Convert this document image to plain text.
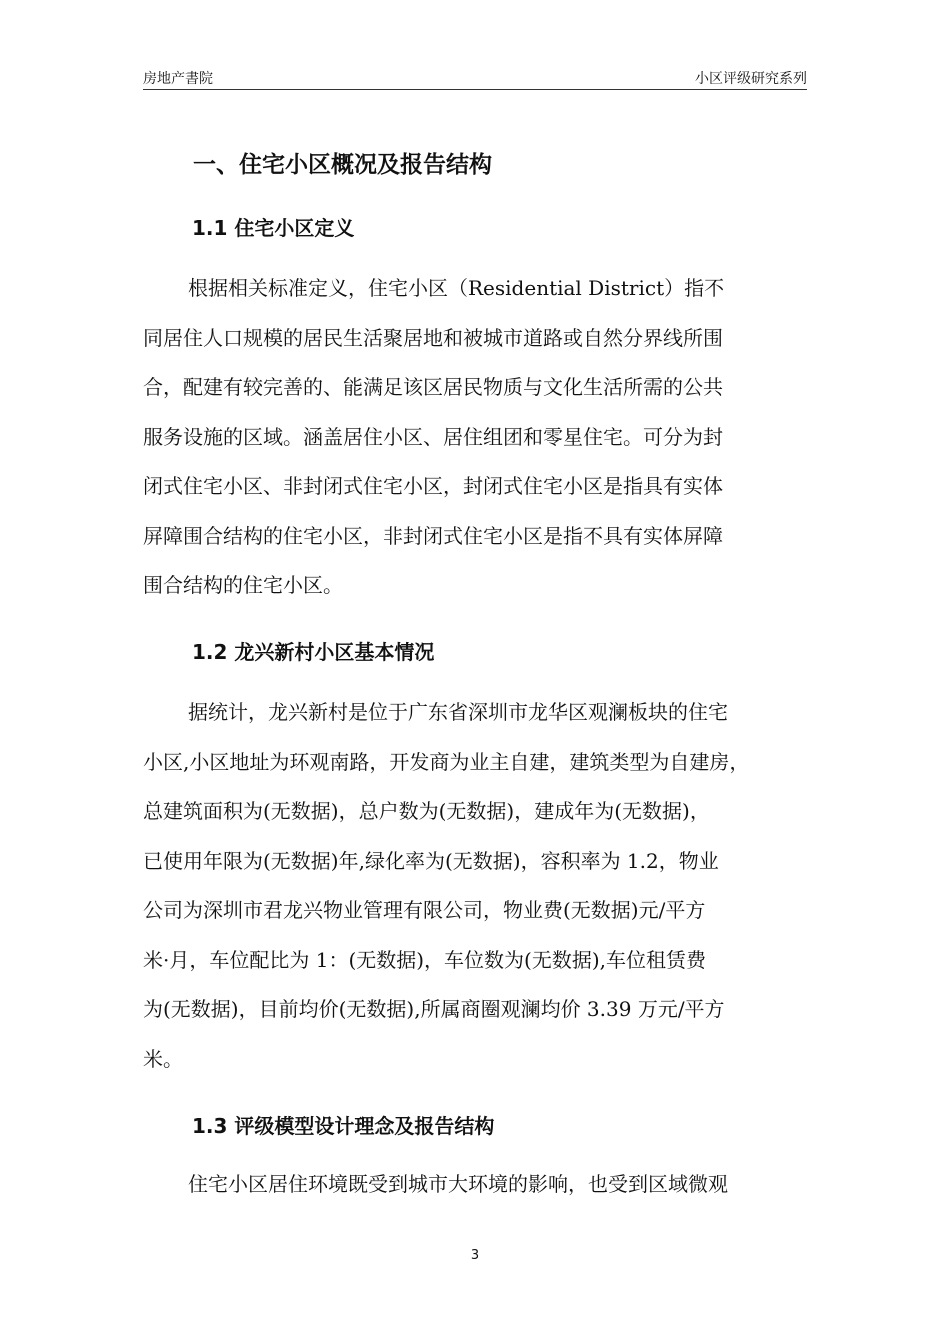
房地产書院	小区评级研究系列
一、住宅小区概况及报告结构
1.1 住宅小区定义
根据相关标准定义，住宅小区（Residential District）指不
同居住人口规模的居民生活聚居地和被城市道路或自然分界线所围
合，配建有较完善的、能满足该区居民物质与文化生活所需的公共
服务设施的区域。涵盖居住小区、居住组团和零星住宅。可分为封
闭式住宅小区、非封闭式住宅小区，封闭式住宅小区是指具有实体
屏障围合结构的住宅小区，非封闭式住宅小区是指不具有实体屏障
围合结构的住宅小区。
1.2 龙兴新村小区基本情况
据统计，龙兴新村是位于广东省深圳市龙华区观澜板块的住宅
小区,小区地址为环观南路，开发商为业主自建，建筑类型为自建房，
总建筑面积为(无数据)，总户数为(无数据)，建成年为(无数据)，
已使用年限为(无数据)年,绿化率为(无数据)，容积率为 1.2，物业
公司为深圳市君龙兴物业管理有限公司，物业费(无数据)元/平方
米·月，车位配比为 1：(无数据)，车位数为(无数据),车位租赁费
为(无数据)，目前均价(无数据),所属商圈观澜均价 3.39 万元/平方
米。
1.3 评级模型设计理念及报告结构
住宅小区居住环境既受到城市大环境的影响，也受到区域微观
3
